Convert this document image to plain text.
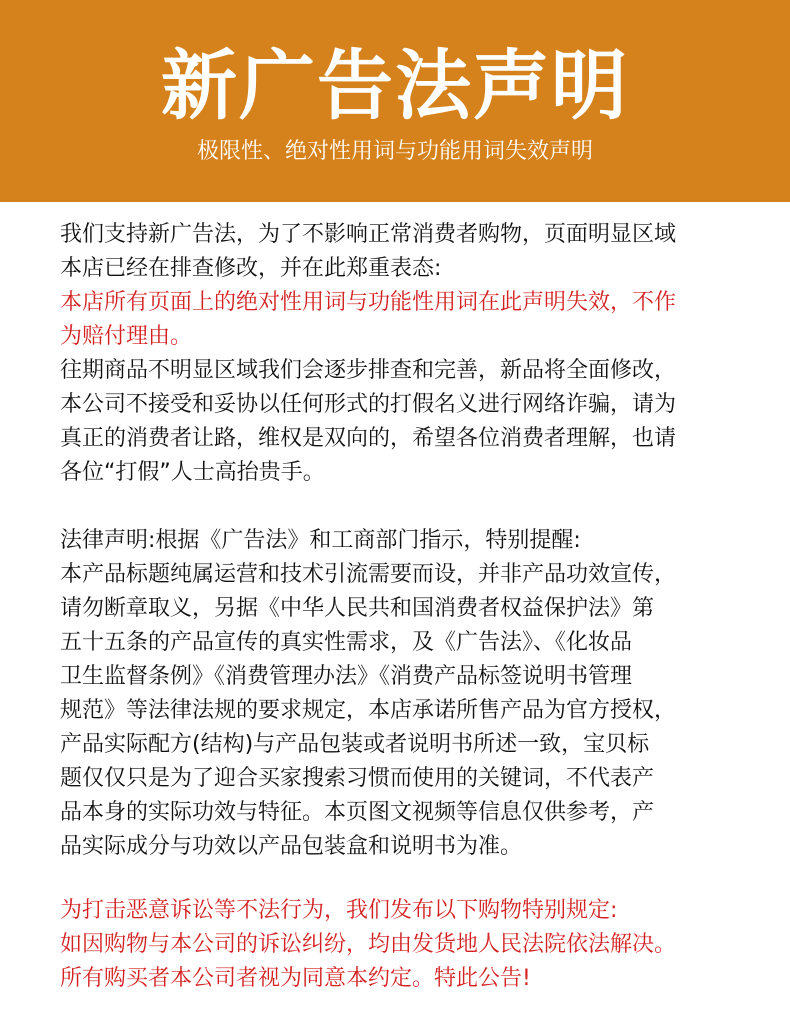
新广告法声明
极限性、绝对性用词与功能用词失效声明

我们支持新广告法，为了不影响正常消费者购物，页面明显区域
本店已经在排查修改，并在此郑重表态:

本店所有页面上的绝对性用词与功能性用词在此声明失效，不作
为赔付理由。

往期商品不明显区域我们会逐步排查和完善，新品将全面修改，
本公司不接受和妥协以任何形式的打假名义进行网络诈骗，请为
真正的消费者让路，维权是双向的，希望各位消费者理解，也请
各位“打假”人士高抬贵手。

法律声明:根据《广告法》和工商部门指示，特别提醒:

本产品标题纯属运营和技术引流需要而设，并非产品功效宣传，
请勿断章取义，另据《中华人民共和国消费者权益保护法》第
五十五条的产品宣传的真实性需求，及《广告法》、《化妆品
卫生监督条例》《消费管理办法》《消费产品标签说明书管理
规范》等法律法规的要求规定，本店承诺所售产品为官方授权，
产品实际配方(结构)与产品包装或者说明书所述一致，宝贝标
题仅仅只是为了迎合买家搜索习惯而使用的关键词，不代表产
品本身的实际功效与特征。本页图文视频等信息仅供参考，产
品实际成分与功效以产品包装盒和说明书为准。

为打击恶意诉讼等不法行为，我们发布以下购物特别规定:
如因购物与本公司的诉讼纠纷，均由发货地人民法院依法解决。
所有购买者本公司者视为同意本约定。特此公告!
